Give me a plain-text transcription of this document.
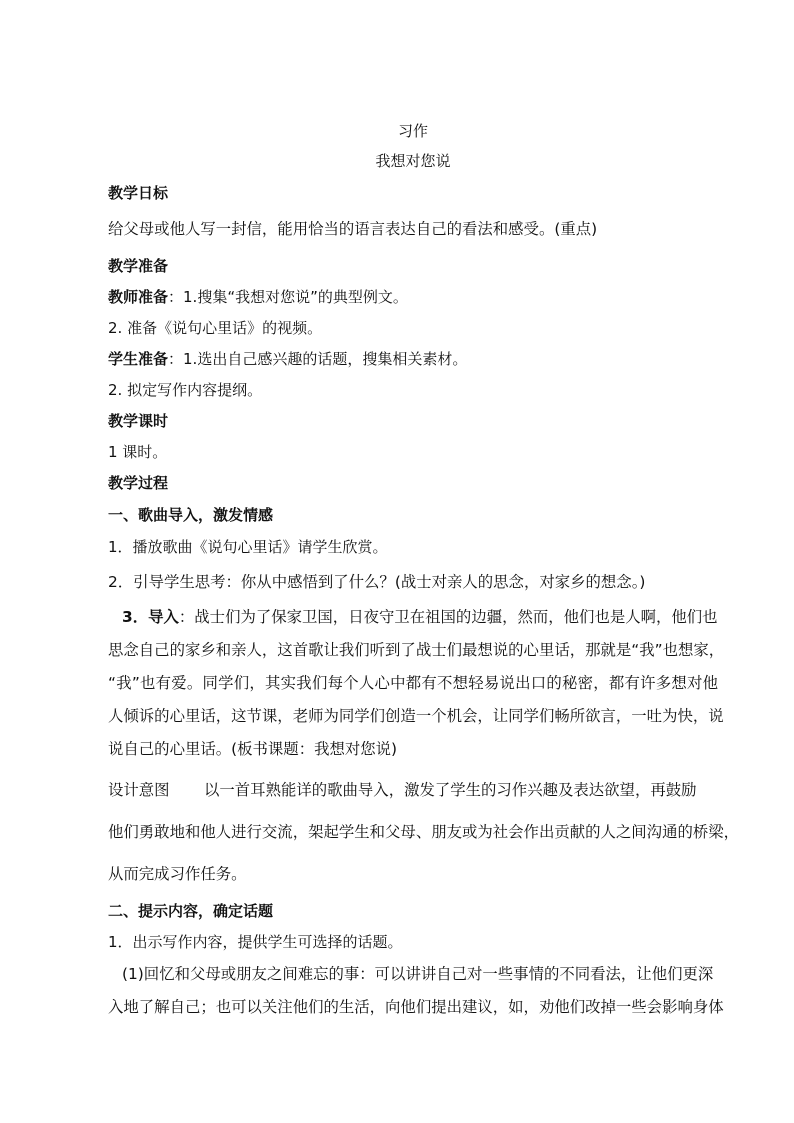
习作
我想对您说
教学日标
给父母或他人写一封信，能用恰当的语言表达自己的看法和感受。(重点)
教学准备
教师准备：1.搜集“我想对您说”的典型例文。
2. 准备《说句心里话》的视频。
学生准备：1.选出自己感兴趣的话题，搜集相关素材。
2. 拟定写作内容提纲。
教学课时
1 课时。
教学过程
一、歌曲导入，激发情感
1．播放歌曲《说句心里话》请学生欣赏。
2．引导学生思考：你从中感悟到了什么？(战士对亲人的思念，对家乡的想念。)
3．导入：战士们为了保家卫国，日夜守卫在祖国的边疆，然而，他们也是人啊，他们也
思念自己的家乡和亲人，这首歌让我们听到了战士们最想说的心里话，那就是“我”也想家，
“我”也有爱。同学们，其实我们每个人心中都有不想轻易说出口的秘密，都有许多想对他
人倾诉的心里话，这节课，老师为同学们创造一个机会，让同学们畅所欲言，一吐为快，说
说自己的心里话。(板书课题：我想对您说)
设计意图 以一首耳熟能详的歌曲导入，激发了学生的习作兴趣及表达欲望，再鼓励
他们勇敢地和他人进行交流，架起学生和父母、朋友或为社会作出贡献的人之间沟通的桥梁，
从而完成习作任务。
二、提示内容，确定话题
1．出示写作内容，提供学生可选择的话题。
(1)回忆和父母或朋友之间难忘的事：可以讲讲自己对一些事情的不同看法，让他们更深
入地了解自己；也可以关注他们的生活，向他们提出建议，如，劝他们改掉一些会影响身体
